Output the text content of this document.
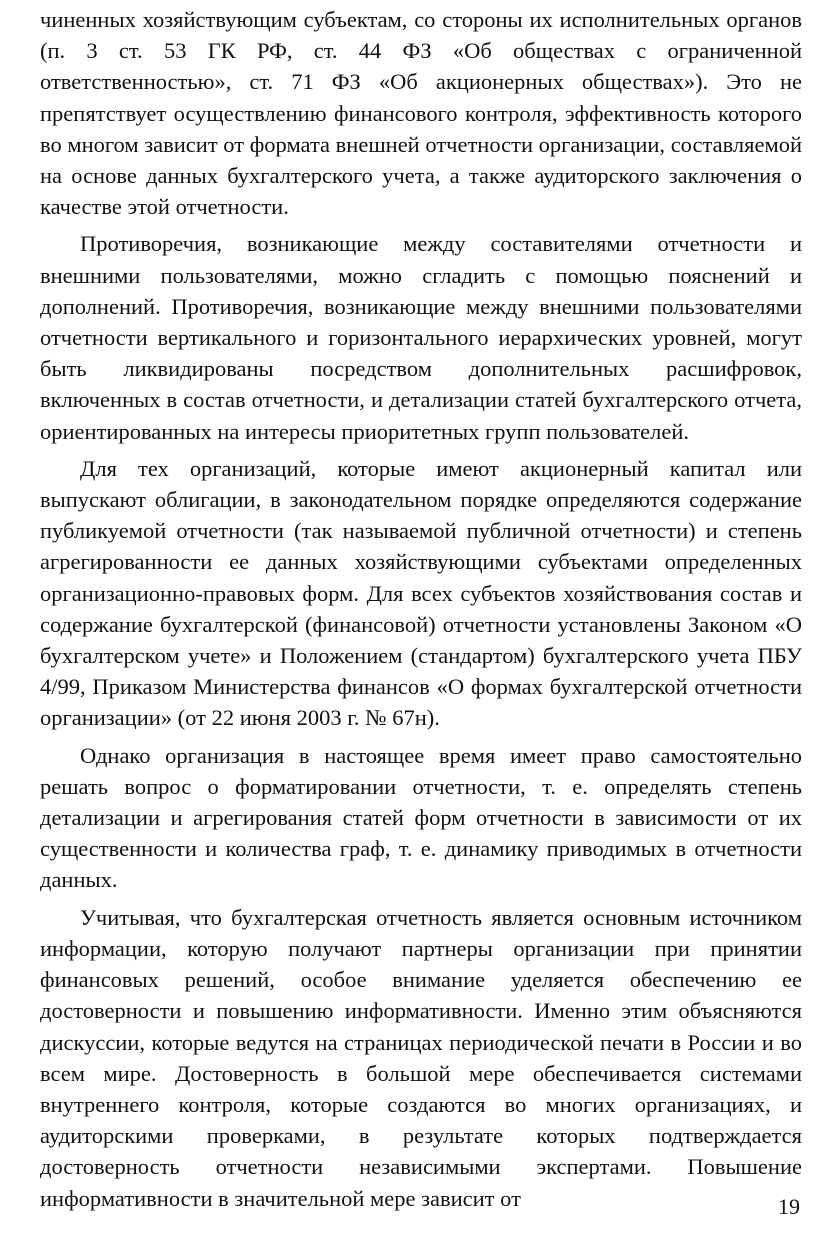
чиненных хозяйствующим субъектам, со стороны их исполнительных органов (п. 3 ст. 53 ГК РФ, ст. 44 ФЗ «Об обществах с ограниченной ответственностью», ст. 71 ФЗ «Об акционерных обществах»). Это не препятствует осуществлению финансового контроля, эффективность которого во многом зависит от формата внешней отчетности организации, составляемой на основе данных бухгалтерского учета, а также аудиторского заключения о качестве этой отчетности.

Противоречия, возникающие между составителями отчетности и внешними пользователями, можно сгладить с помощью пояснений и дополнений. Противоречия, возникающие между внешними пользователями отчетности вертикального и горизонтального иерархических уровней, могут быть ликвидированы посредством дополнительных расшифровок, включенных в состав отчетности, и детализации статей бухгалтерского отчета, ориентированных на интересы приоритетных групп пользователей.

Для тех организаций, которые имеют акционерный капитал или выпускают облигации, в законодательном порядке определяются содержание публикуемой отчетности (так называемой публичной отчетности) и степень агрегированности ее данных хозяйствующими субъектами определенных организационно-правовых форм. Для всех субъектов хозяйствования состав и содержание бухгалтерской (финансовой) отчетности установлены Законом «О бухгалтерском учете» и Положением (стандартом) бухгалтерского учета ПБУ 4/99, Приказом Министерства финансов «О формах бухгалтерской отчетности организации» (от 22 июня 2003 г. № 67н).

Однако организация в настоящее время имеет право самостоятельно решать вопрос о форматировании отчетности, т. е. определять степень детализации и агрегирования статей форм отчетности в зависимости от их существенности и количества граф, т. е. динамику приводимых в отчетности данных.

Учитывая, что бухгалтерская отчетность является основным источником информации, которую получают партнеры организации при принятии финансовых решений, особое внимание уделяется обеспечению ее достоверности и повышению информативности. Именно этим объясняются дискуссии, которые ведутся на страницах периодической печати в России и во всем мире. Достоверность в большой мере обеспечивается системами внутреннего контроля, которые создаются во многих организациях, и аудиторскими проверками, в результате которых подтверждается достоверность отчетности независимыми экспертами. Повышение информативности в значительной мере зависит от	19
